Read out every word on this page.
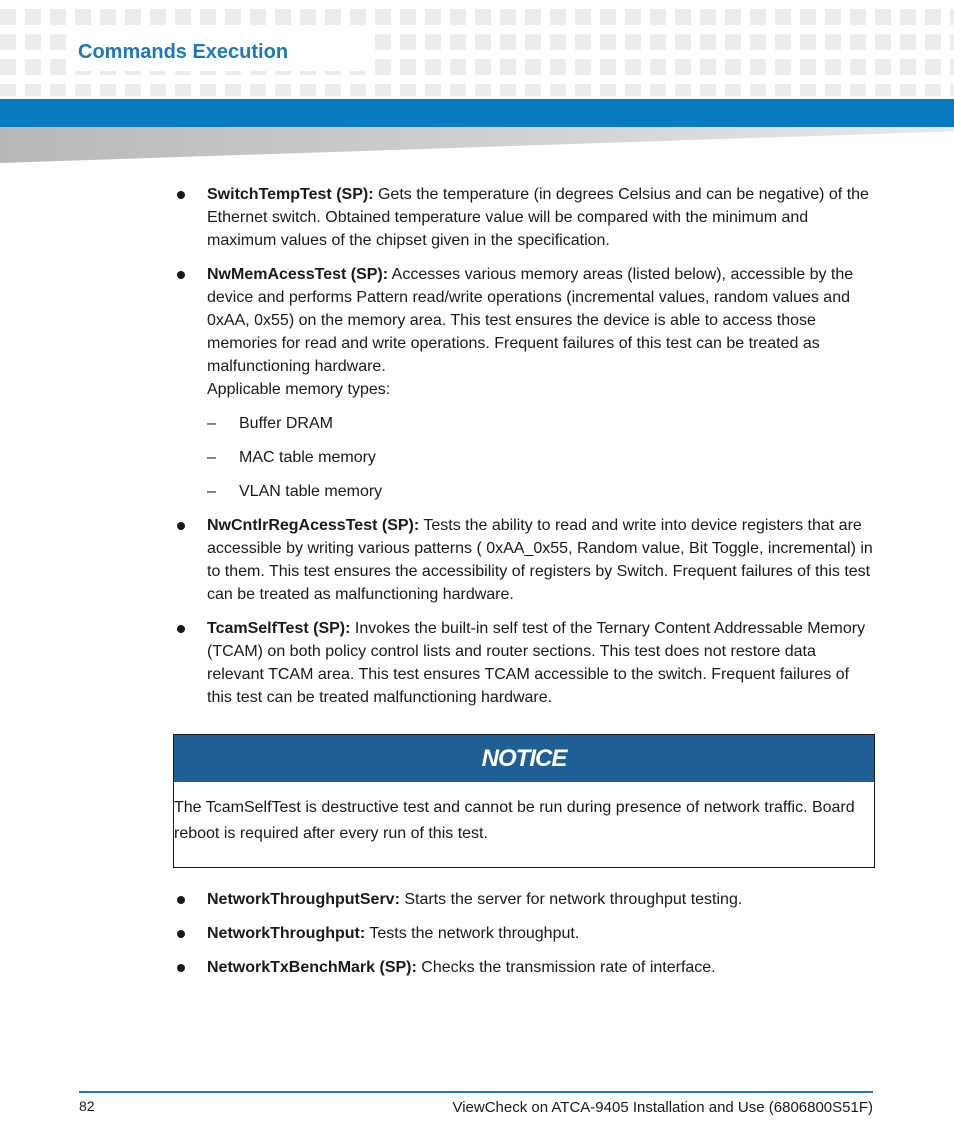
Commands Execution
SwitchTempTest (SP): Gets the temperature (in degrees Celsius and can be negative) of the Ethernet switch. Obtained temperature value will be compared with the minimum and maximum values of the chipset given in the specification.
NwMemAcessTest (SP): Accesses various memory areas (listed below), accessible by the device and performs Pattern read/write operations (incremental values, random values and 0xAA, 0x55) on the memory area. This test ensures the device is able to access those memories for read and write operations. Frequent failures of this test can be treated as malfunctioning hardware.
Applicable memory types:
– Buffer DRAM
– MAC table memory
– VLAN table memory
NwCntlrRegAcessTest (SP): Tests the ability to read and write into device registers that are accessible by writing various patterns ( 0xAA_0x55, Random value, Bit Toggle, incremental) in to them. This test ensures the accessibility of registers by Switch. Frequent failures of this test can be treated as malfunctioning hardware.
TcamSelfTest (SP): Invokes the built-in self test of the Ternary Content Addressable Memory (TCAM) on both policy control lists and router sections. This test does not restore data relevant TCAM area. This test ensures TCAM accessible to the switch. Frequent failures of this test can be treated malfunctioning hardware.
NOTICE
The TcamSelfTest is destructive test and cannot be run during presence of network traffic. Board reboot is required after every run of this test.
NetworkThroughputServ: Starts the server for network throughput testing.
NetworkThroughput: Tests the network throughput.
NetworkTxBenchMark (SP): Checks the transmission rate of interface.
82	ViewCheck on ATCA-9405 Installation and Use (6806800S51F)
